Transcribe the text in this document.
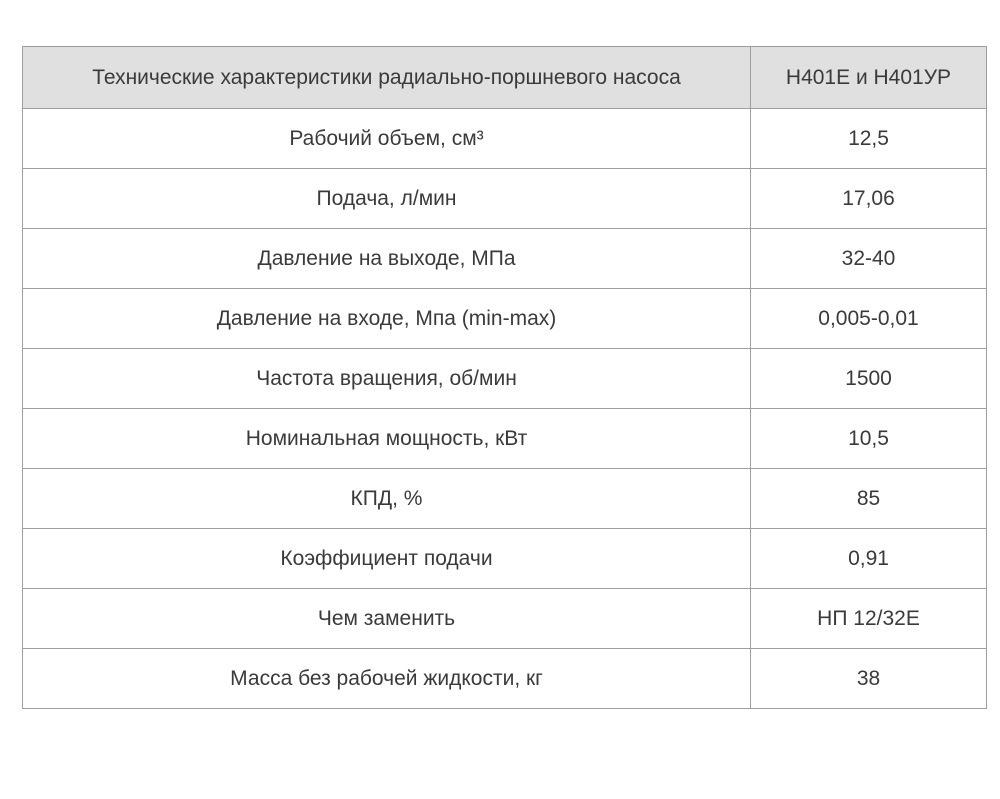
Технические характеристики радиально-поршневого насоса	Н401Е и Н401УР
Рабочий объем, см³	12,5
Подача, л/мин	17,06
Давление на выходе, МПа	32-40
Давление на входе, Мпа (min-max)	0,005-0,01
Частота вращения, об/мин	1500
Номинальная мощность, кВт	10,5
КПД, %	85
Коэффициент подачи	0,91
Чем заменить	НП 12/32Е
Масса без рабочей жидкости, кг	38
